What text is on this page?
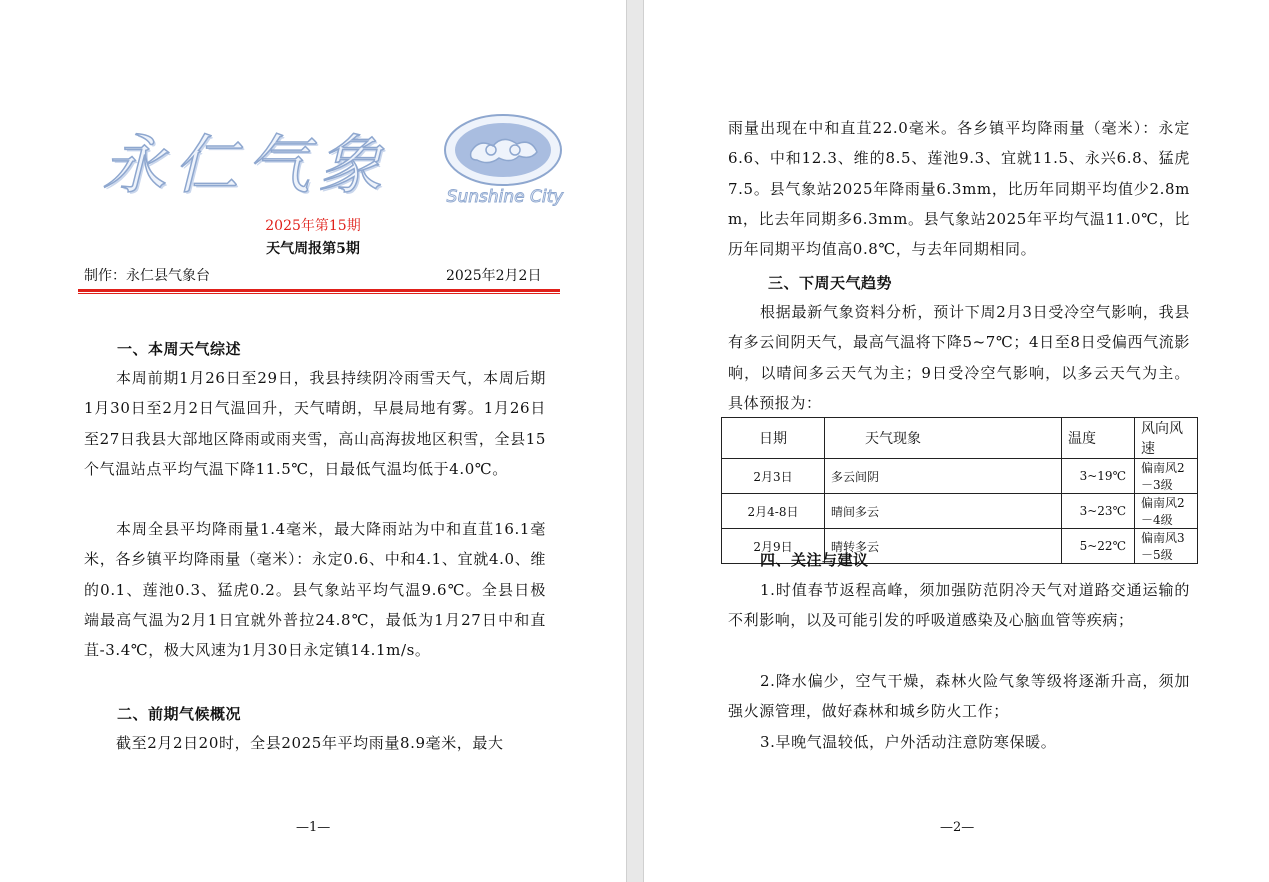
永仁气象	Sunshine City
2025年第15期
天气周报第5期
制作：永仁县气象台	2025年2月2日
一、本周天气综述
本周前期1月26日至29日，我县持续阴冷雨雪天气，本周后期1月30日至2月2日气温回升，天气晴朗，早晨局地有雾。1月26日至27日我县大部地区降雨或雨夹雪，高山高海拔地区积雪，全县15个气温站点平均气温下降11.5℃，日最低气温均低于4.0℃。
本周全县平均降雨量1.4毫米，最大降雨站为中和直苴16.1毫米，各乡镇平均降雨量（毫米）：永定0.6、中和4.1、宜就4.0、维的0.1、莲池0.3、猛虎0.2。县气象站平均气温9.6℃。全县日极端最高气温为2月1日宜就外普拉24.8℃，最低为1月27日中和直苴-3.4℃，极大风速为1月30日永定镇14.1m/s。
二、前期气候概况
截至2月2日20时，全县2025年平均雨量8.9毫米，最大
—1—
雨量出现在中和直苴22.0毫米。各乡镇平均降雨量（毫米）：永定6.6、中和12.3、维的8.5、莲池9.3、宜就11.5、永兴6.8、猛虎7.5。县气象站2025年降雨量6.3mm，比历年同期平均值少2.8mm，比去年同期多6.3mm。县气象站2025年平均气温11.0℃，比历年同期平均值高0.8℃，与去年同期相同。
三、下周天气趋势
根据最新气象资料分析，预计下周2月3日受冷空气影响，我县有多云间阴天气，最高气温将下降5~7℃；4日至8日受偏西气流影响，以晴间多云天气为主；9日受冷空气影响，以多云天气为主。具体预报为：
日期	天气现象	温度	风向风速
2月3日	多云间阴	3~19℃	偏南风2－3级
2月4-8日	晴间多云	3~23℃	偏南风2－4级
2月9日	晴转多云	5~22℃	偏南风3－5级
四、关注与建议
1.时值春节返程高峰，须加强防范阴冷天气对道路交通运输的不利影响，以及可能引发的呼吸道感染及心脑血管等疾病；
2.降水偏少，空气干燥，森林火险气象等级将逐渐升高，须加强火源管理，做好森林和城乡防火工作；
3.早晚气温较低，户外活动注意防寒保暖。
—2—
